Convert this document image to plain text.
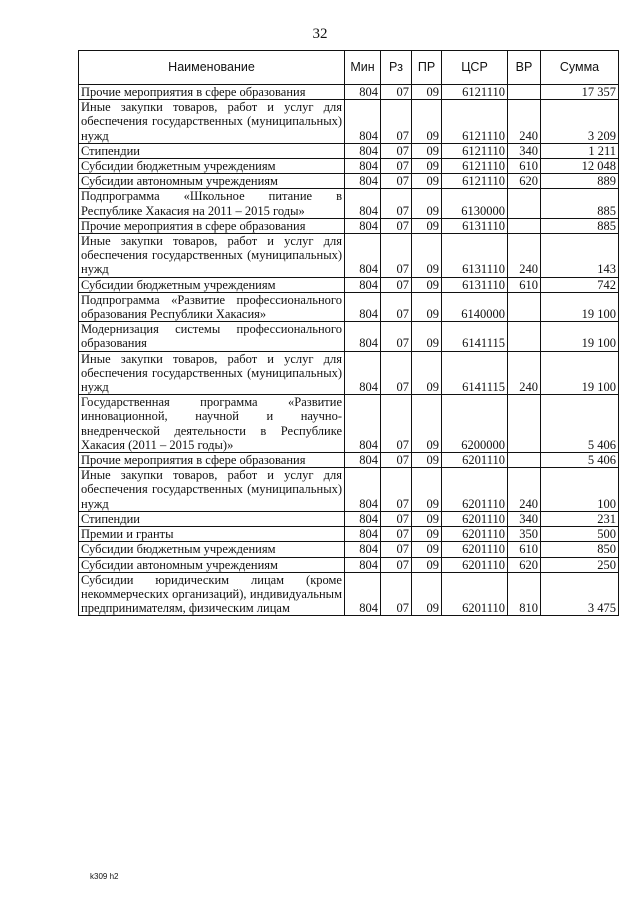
32
Наименование	Мин	Рз	ПР	ЦСР	ВР	Сумма
Прочие мероприятия в сфере образования	804	07	09	6121110		17 357
Иные закупки товаров, работ и услуг для обеспечения государственных (муниципальных) нужд	804	07	09	6121110	240	3 209
Стипендии	804	07	09	6121110	340	1 211
Субсидии бюджетным учреждениям	804	07	09	6121110	610	12 048
Субсидии автономным учреждениям	804	07	09	6121110	620	889
Подпрограмма «Школьное питание в Республике Хакасия на 2011 – 2015 годы»	804	07	09	6130000		885
Прочие мероприятия в сфере образования	804	07	09	6131110		885
Иные закупки товаров, работ и услуг для обеспечения государственных (муниципальных) нужд	804	07	09	6131110	240	143
Субсидии бюджетным учреждениям	804	07	09	6131110	610	742
Подпрограмма «Развитие профессионального образования Республики Хакасия»	804	07	09	6140000		19 100
Модернизация системы профессионального образования	804	07	09	6141115		19 100
Иные закупки товаров, работ и услуг для обеспечения государственных (муниципальных) нужд	804	07	09	6141115	240	19 100
Государственная программа «Развитие инновационной, научной и научно-внедренческой деятельности в Республике Хакасия (2011 – 2015 годы)»	804	07	09	6200000		5 406
Прочие мероприятия в сфере образования	804	07	09	6201110		5 406
Иные закупки товаров, работ и услуг для обеспечения государственных (муниципальных) нужд	804	07	09	6201110	240	100
Стипендии	804	07	09	6201110	340	231
Премии и гранты	804	07	09	6201110	350	500
Субсидии бюджетным учреждениям	804	07	09	6201110	610	850
Субсидии автономным учреждениям	804	07	09	6201110	620	250
Субсидии юридическим лицам (кроме некоммерческих организаций), индивидуальным предпринимателям, физическим лицам	804	07	09	6201110	810	3 475
k309 h2
